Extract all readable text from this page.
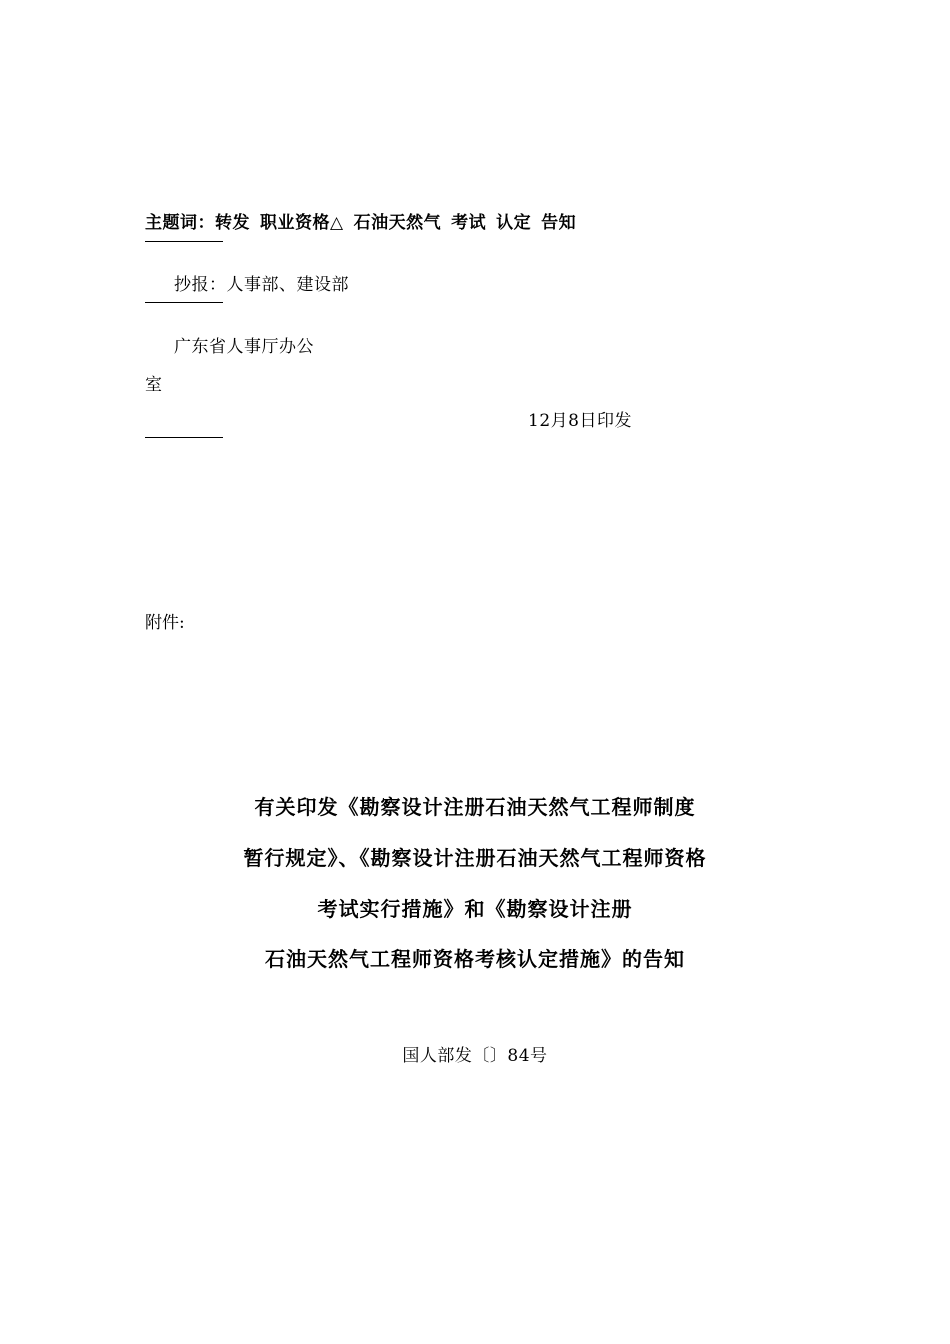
主题词：转发 职业资格△ 石油天然气 考试 认定 告知
抄报：人事部、建设部
广东省人事厅办公
室
12月8日印发
附件:
有关印发《勘察设计注册石油天然气工程师制度
暂行规定》、《勘察设计注册石油天然气工程师资格
考试实行措施》和《勘察设计注册
石油天然气工程师资格考核认定措施》的告知
国人部发〔〕84号
